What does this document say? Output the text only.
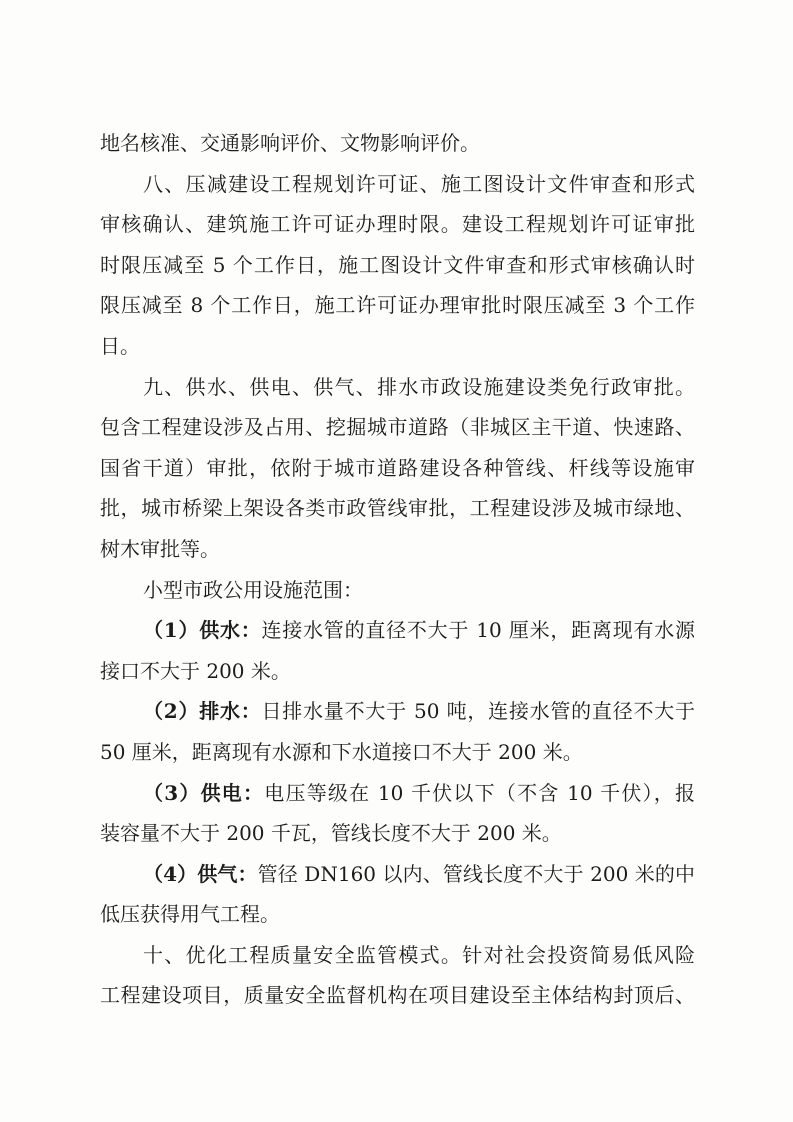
地名核准、交通影响评价、文物影响评价。
八、压减建设工程规划许可证、施工图设计文件审查和形式
审核确认、建筑施工许可证办理时限。建设工程规划许可证审批
时限压减至 5 个工作日，施工图设计文件审查和形式审核确认时
限压减至 8 个工作日，施工许可证办理审批时限压减至 3 个工作
日。
九、供水、供电、供气、排水市政设施建设类免行政审批。
包含工程建设涉及占用、挖掘城市道路（非城区主干道、快速路、
国省干道）审批，依附于城市道路建设各种管线、杆线等设施审
批，城市桥梁上架设各类市政管线审批，工程建设涉及城市绿地、
树木审批等。
小型市政公用设施范围：
（1）供水：连接水管的直径不大于 10 厘米，距离现有水源
接口不大于 200 米。
（2）排水：日排水量不大于 50 吨，连接水管的直径不大于
50 厘米，距离现有水源和下水道接口不大于 200 米。
（3）供电：电压等级在 10 千伏以下（不含 10 千伏），报
装容量不大于 200 千瓦，管线长度不大于 200 米。
（4）供气：管径 DN160 以内、管线长度不大于 200 米的中
低压获得用气工程。
十、优化工程质量安全监管模式。针对社会投资简易低风险
工程建设项目，质量安全监督机构在项目建设至主体结构封顶后、
